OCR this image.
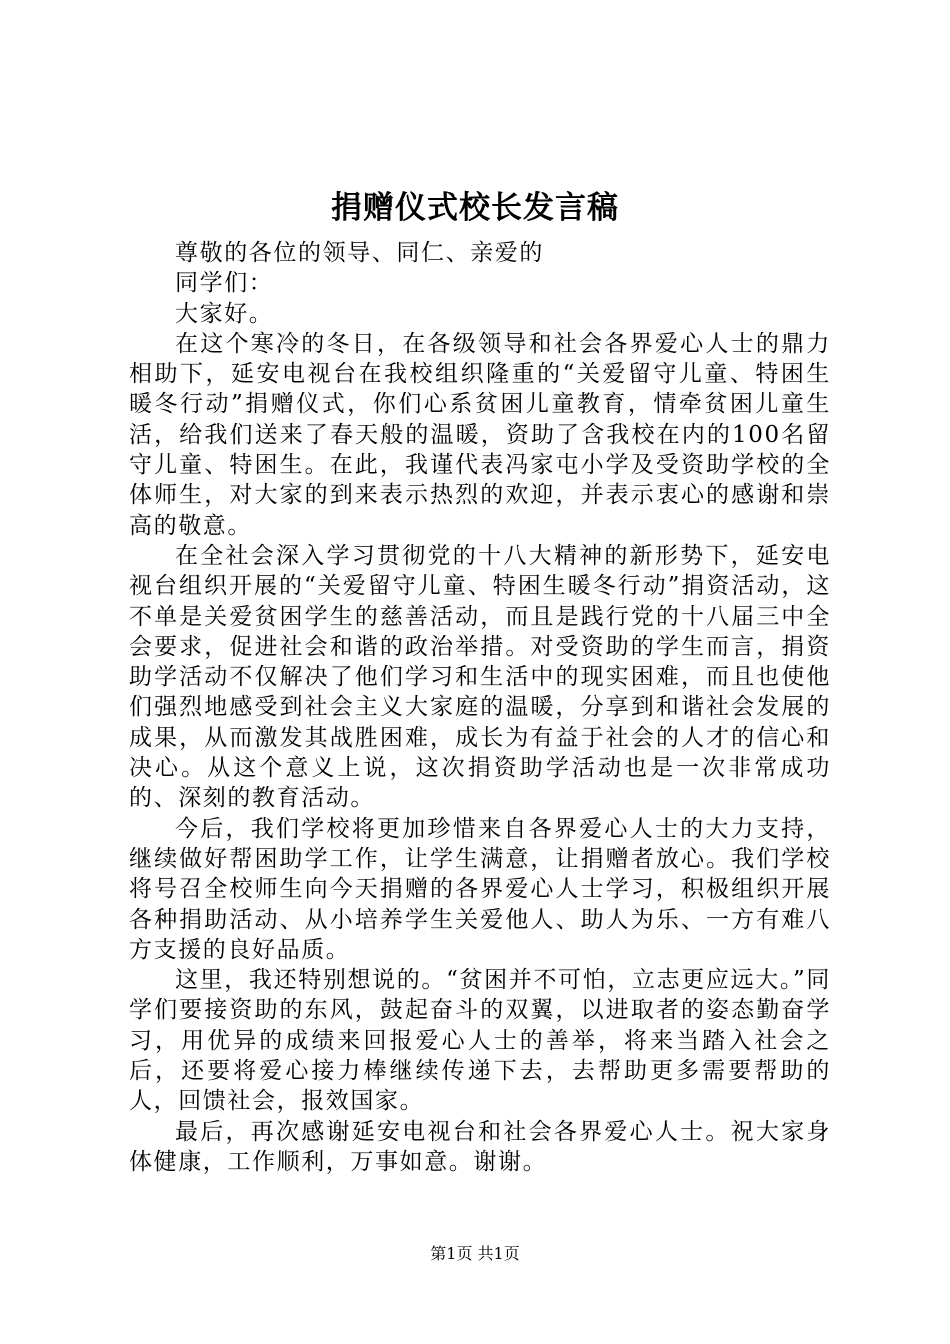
捐赠仪式校长发言稿

尊敬的各位的领导、同仁、亲爱的

同学们：

大家好。

在这个寒冷的冬日，在各级领导和社会各界爱心人士的鼎力相助下，延安电视台在我校组织隆重的“关爱留守儿童、特困生暖冬行动”捐赠仪式，你们心系贫困儿童教育，情牵贫困儿童生活，给我们送来了春天般的温暖，资助了含我校在内的100名留守儿童、特困生。在此，我谨代表冯家屯小学及受资助学校的全体师生，对大家的到来表示热烈的欢迎，并表示衷心的感谢和崇高的敬意。

在全社会深入学习贯彻党的十八大精神的新形势下，延安电视台组织开展的“关爱留守儿童、特困生暖冬行动”捐资活动，这不单是关爱贫困学生的慈善活动，而且是践行党的十八届三中全会要求，促进社会和谐的政治举措。对受资助的学生而言，捐资助学活动不仅解决了他们学习和生活中的现实困难，而且也使他们强烈地感受到社会主义大家庭的温暖，分享到和谐社会发展的成果，从而激发其战胜困难，成长为有益于社会的人才的信心和决心。从这个意义上说，这次捐资助学活动也是一次非常成功的、深刻的教育活动。

今后，我们学校将更加珍惜来自各界爱心人士的大力支持，继续做好帮困助学工作，让学生满意，让捐赠者放心。我们学校将号召全校师生向今天捐赠的各界爱心人士学习，积极组织开展各种捐助活动、从小培养学生关爱他人、助人为乐、一方有难八方支援的良好品质。

这里，我还特别想说的。“贫困并不可怕，立志更应远大。”同学们要接资助的东风，鼓起奋斗的双翼，以进取者的姿态勤奋学习，用优异的成绩来回报爱心人士的善举，将来当踏入社会之后，还要将爱心接力棒继续传递下去，去帮助更多需要帮助的人，回馈社会，报效国家。

最后，再次感谢延安电视台和社会各界爱心人士。祝大家身体健康，工作顺利，万事如意。谢谢。

第1页 共1页
